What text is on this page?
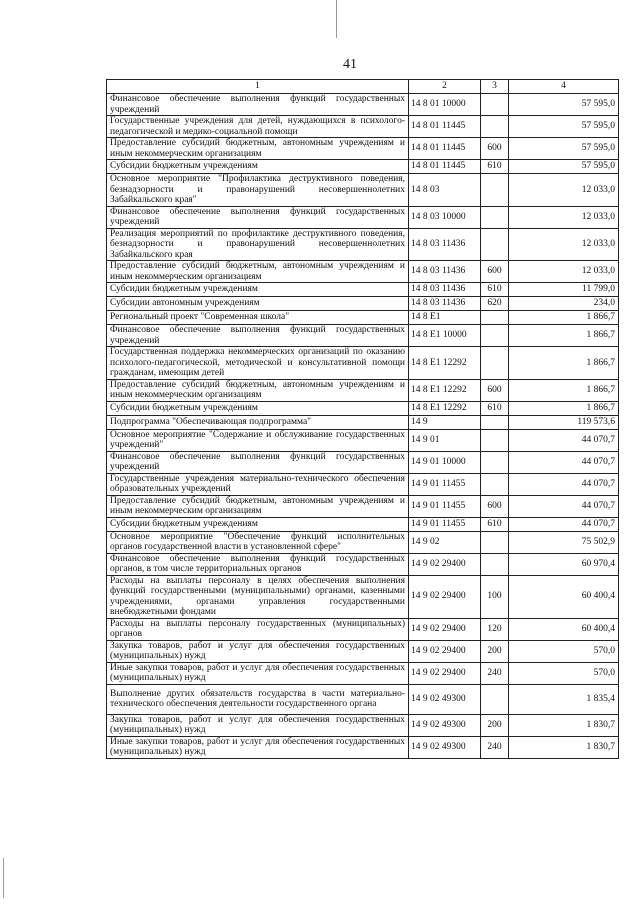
41
1	2	3	4
Финансовое обеспечение выполнения функций государственных учреждений	14 8 01 10000		57 595,0
Государственные учреждения для детей, нуждающихся в психолого-педагогической и медико-социальной помощи	14 8 01 11445		57 595,0
Предоставление субсидий бюджетным, автономным учреждениям и иным некоммерческим организациям	14 8 01 11445	600	57 595,0
Субсидии бюджетным учреждениям	14 8 01 11445	610	57 595,0
Основное мероприятие "Профилактика деструктивного поведения, безнадзорности и правонарушений несовершеннолетних Забайкальского края"	14 8 03		12 033,0
Финансовое обеспечение выполнения функций государственных учреждений	14 8 03 10000		12 033,0
Реализация мероприятий по профилактике деструктивного поведения, безнадзорности и правонарушений несовершеннолетних Забайкальского края	14 8 03 11436		12 033,0
Предоставление субсидий бюджетным, автономным учреждениям и иным некоммерческим организациям	14 8 03 11436	600	12 033,0
Субсидии бюджетным учреждениям	14 8 03 11436	610	11 799,0
Субсидии автономным учреждениям	14 8 03 11436	620	234,0
Региональный проект "Современная школа"	14 8 E1		1 866,7
Финансовое обеспечение выполнения функций государственных учреждений	14 8 E1 10000		1 866,7
Государственная поддержка некоммерческих организаций по оказанию психолого-педагогической, методической и консультативной помощи гражданам, имеющим детей	14 8 E1 12292		1 866,7
Предоставление субсидий бюджетным, автономным учреждениям и иным некоммерческим организациям	14 8 E1 12292	600	1 866,7
Субсидии бюджетным учреждениям	14 8 E1 12292	610	1 866,7
Подпрограмма "Обеспечивающая подпрограмма"	14 9		119 573,6
Основное мероприятие "Содержание и обслуживание государственных учреждений"	14 9 01		44 070,7
Финансовое обеспечение выполнения функций государственных учреждений	14 9 01 10000		44 070,7
Государственные учреждения материально-технического обеспечения образовательных учреждений	14 9 01 11455		44 070,7
Предоставление субсидий бюджетным, автономным учреждениям и иным некоммерческим организациям	14 9 01 11455	600	44 070,7
Субсидии бюджетным учреждениям	14 9 01 11455	610	44 070,7
Основное мероприятие "Обеспечение функций исполнительных органов государственной власти в установленной сфере"	14 9 02		75 502,9
Финансовое обеспечение выполнения функций государственных органов, в том числе территориальных органов	14 9 02 29400		60 970,4
Расходы на выплаты персоналу в целях обеспечения выполнения функций государственными (муниципальными) органами, казенными учреждениями, органами управления государственными внебюджетными фондами	14 9 02 29400	100	60 400,4
Расходы на выплаты персоналу государственных (муниципальных) органов	14 9 02 29400	120	60 400,4
Закупка товаров, работ и услуг для обеспечения государственных (муниципальных) нужд	14 9 02 29400	200	570,0
Иные закупки товаров, работ и услуг для обеспечения государственных (муниципальных) нужд	14 9 02 29400	240	570,0
Выполнение других обязательств государства в части материально-технического обеспечения деятельности государственного органа	14 9 02 49300		1 835,4
Закупка товаров, работ и услуг для обеспечения государственных (муниципальных) нужд	14 9 02 49300	200	1 830,7
Иные закупки товаров, работ и услуг для обеспечения государственных (муниципальных) нужд	14 9 02 49300	240	1 830,7
